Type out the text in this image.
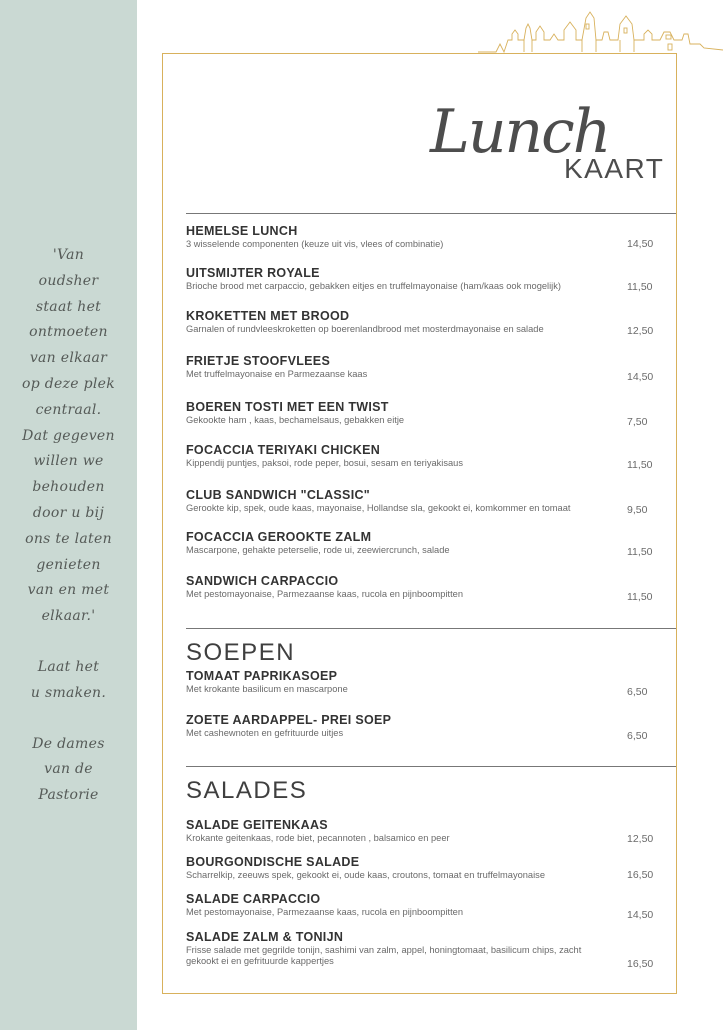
'Van

oudsher

staat het

ontmoeten

van elkaar

op deze plek

centraal.

Dat gegeven

willen we

behouden

door u bij

ons te laten

genieten

van en met

elkaar.'

Laat het

u smaken.

De dames

van de

Pastorie

Lunch
KAART
HEMELSE LUNCH
3 wisselende componenten (keuze uit vis, vlees of combinatie)	14,50
UITSMIJTER ROYALE
Brioche brood met carpaccio, gebakken eitjes en truffelmayonaise (ham/kaas ook mogelijk)	11,50
KROKETTEN MET BROOD
Garnalen of rundvleeskroketten op boerenlandbrood met mosterdmayonaise en salade	12,50
FRIETJE STOOFVLEES
Met truffelmayonaise en Parmezaanse kaas	14,50
BOEREN TOSTI MET EEN TWIST
Gekookte ham , kaas, bechamelsaus, gebakken eitje	7,50
FOCACCIA TERIYAKI CHICKEN
Kippendij puntjes, paksoi, rode peper, bosui, sesam en teriyakisaus	11,50
CLUB SANDWICH "CLASSIC"
Gerookte kip, spek, oude kaas, mayonaise, Hollandse sla, gekookt ei, komkommer en tomaat	9,50
FOCACCIA GEROOKTE ZALM
Mascarpone, gehakte peterselie, rode ui, zeewiercrunch, salade	11,50
SANDWICH CARPACCIO
Met pestomayonaise, Parmezaanse kaas, rucola en pijnboompitten	11,50
SOEPEN
TOMAAT PAPRIKASOEP
Met krokante basilicum en mascarpone	6,50
ZOETE AARDAPPEL- PREI SOEP
Met cashewnoten en gefrituurde uitjes	6,50
SALADES
SALADE GEITENKAAS
Krokante geitenkaas, rode biet, pecannoten , balsamico en peer	12,50
BOURGONDISCHE SALADE
Scharrelkip, zeeuws spek, gekookt ei, oude kaas, croutons, tomaat en truffelmayonaise	16,50
SALADE CARPACCIO
Met pestomayonaise, Parmezaanse kaas, rucola en pijnboompitten	14,50
SALADE ZALM & TONIJN
Frisse salade met gegrilde tonijn, sashimi van zalm, appel, honingtomaat, basilicum chips, zacht gekookt ei en gefrituurde kappertjes	16,50
